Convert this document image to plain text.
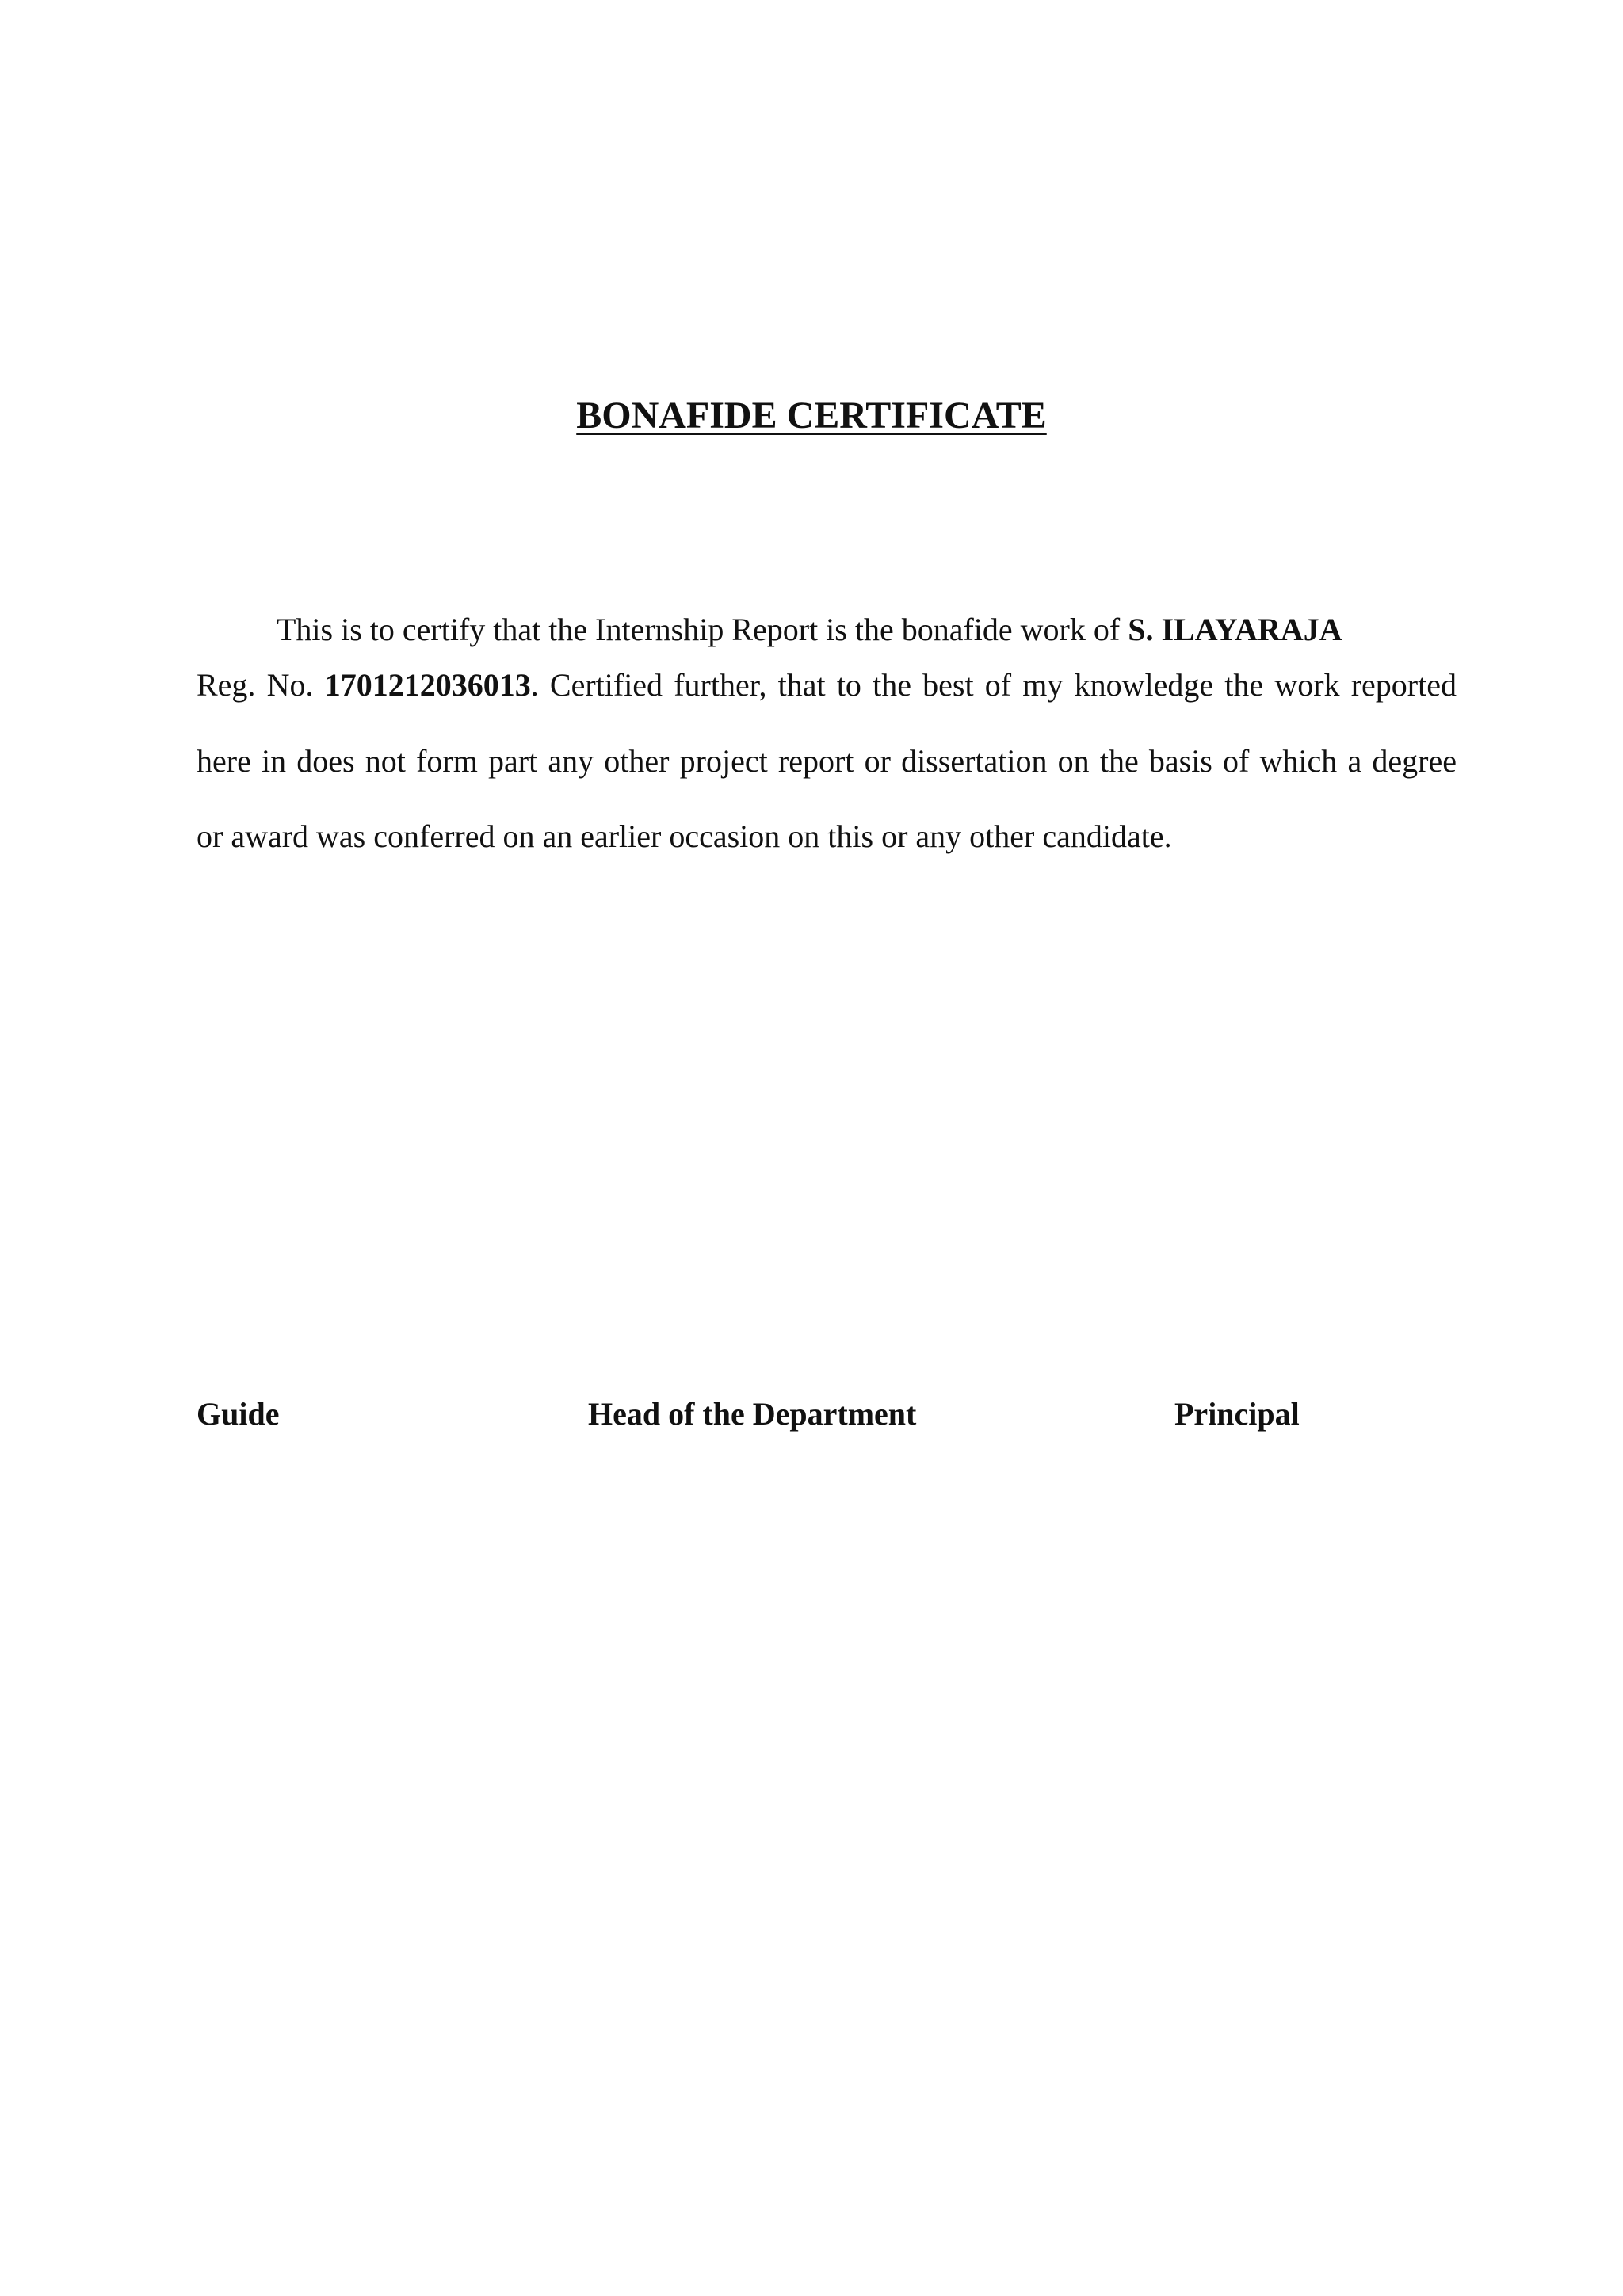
BONAFIDE CERTIFICATE
This is to certify that the Internship Report is the bonafide work of S. ILAYARAJA
Reg. No. 1701212036013. Certified further, that to the best of my knowledge the work reported
here in does not form part any other project report or dissertation on the basis of which a degree
or award was conferred on an earlier occasion on this or any other candidate.
Guide	Head of the Department	Principal
